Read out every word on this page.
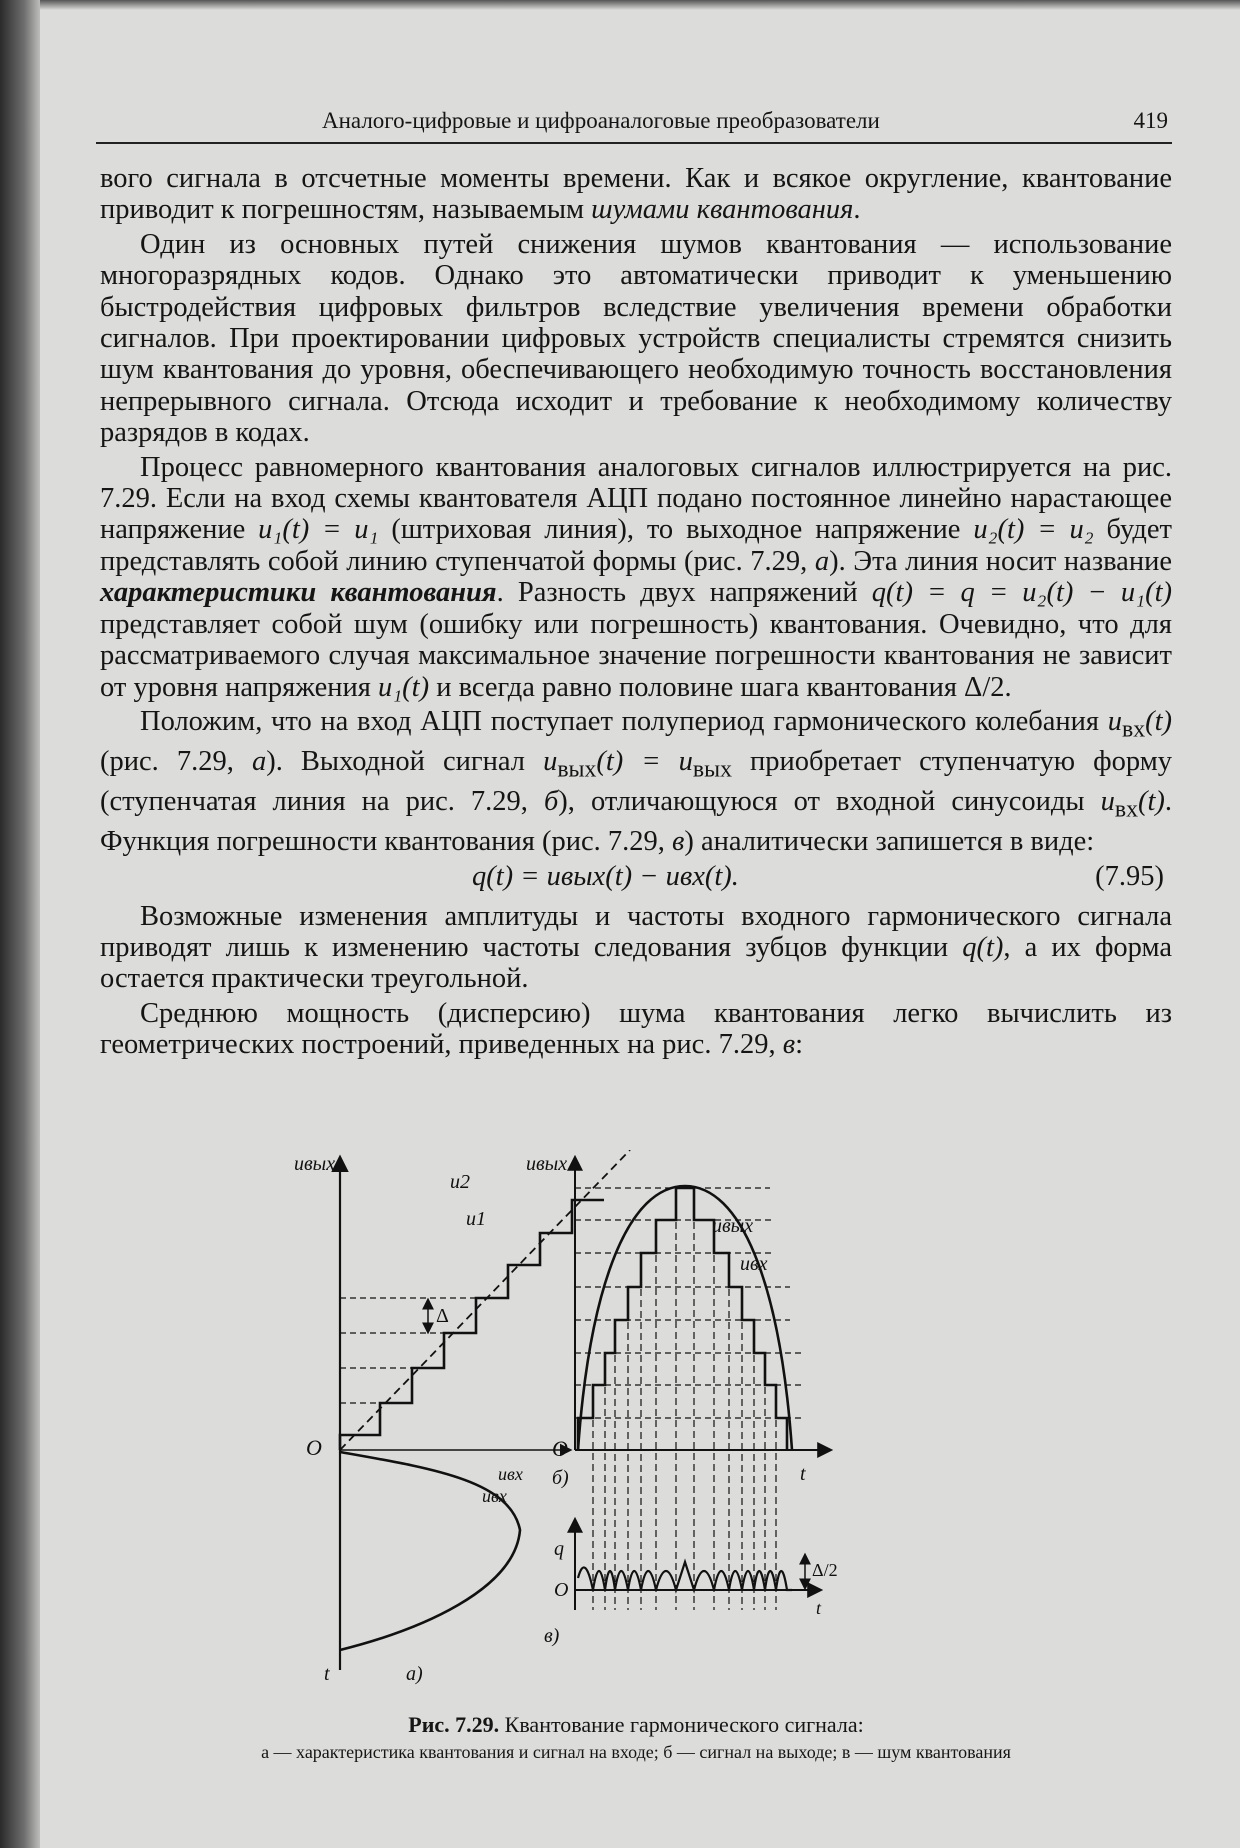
Аналого-цифровые и цифроаналоговые преобразователи	419

вого сигнала в отсчетные моменты времени. Как и всякое округление, квантование приводит к погрешностям, называемым шумами квантования.

Один из основных путей снижения шумов квантования — использование многоразрядных кодов. Однако это автоматически приводит к уменьшению быстродействия цифровых фильтров вследствие увеличения времени обработки сигналов. При проектировании цифровых устройств специалисты стремятся снизить шум квантования до уровня, обеспечивающего необходимую точность восстановления непрерывного сигнала. Отсюда исходит и требование к необходимому количеству разрядов в кодах.

Процесс равномерного квантования аналоговых сигналов иллюстрируется на рис. 7.29. Если на вход схемы квантователя АЦП подано постоянное линейно нарастающее напряжение u₁(t) = u₁ (штриховая линия), то выходное напряжение u₂(t) = u₂ будет представлять собой линию ступенчатой формы (рис. 7.29, а). Эта линия носит название характеристики квантования. Разность двух напряжений q(t) = q = u₂(t) − u₁(t) представляет собой шум (ошибку или погрешность) квантования. Очевидно, что для рассматриваемого случая максимальное значение погрешности квантования не зависит от уровня напряжения u₁(t) и всегда равно половине шага квантования Δ/2.

Положим, что на вход АЦП поступает полупериод гармонического колебания $u_{вх}(t)$ (рис. 7.29, а). Выходной сигнал $u_{вых}(t) = u_{вых}$ приобретает ступенчатую форму (ступенчатая линия на рис. 7.29, б), отличающуюся от входной синусоиды $u_{вх}(t)$. Функция погрешности квантования (рис. 7.29, в) аналитически запишется в виде:

q(t) = uвых(t) − uвх(t).	(7.95)

Возможные изменения амплитуды и частоты входного гармонического сигнала приводят лишь к изменению частоты следования зубцов функции q(t), а их форма остается практически треугольной.

Среднюю мощность (дисперсию) шума квантования легко вычислить из геометрических построений, приведенных на рис. 7.29, в:

uвых
u2
u1
Δ
O
uвх
uвх
t	а)
uвых
uвых
uвх
O
t
б)
q
O
Δ/2
t
в)
Рис. 7.29. Квантование гармонического сигнала:
а — характеристика квантования и сигнал на входе; б — сигнал на выходе; в — шум квантования
